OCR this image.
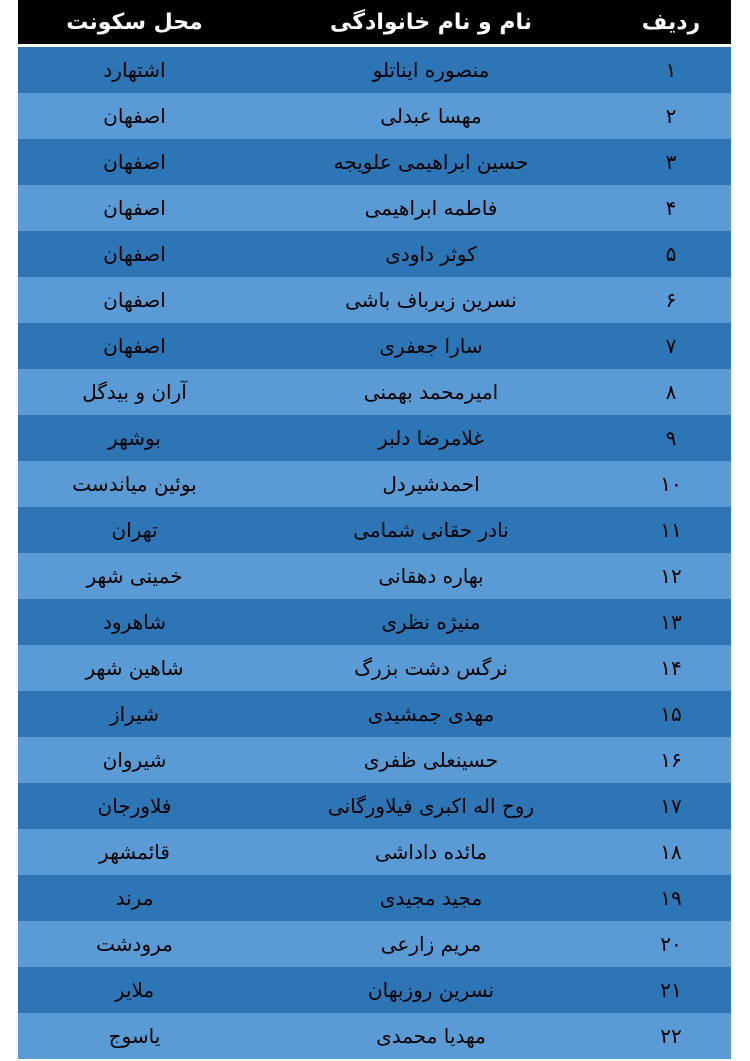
ردیف	نام و نام خانوادگی	محل سکونت
۱	منصوره ایناتلو	اشتهارد
۲	مهسا عبدلی	اصفهان
۳	حسین ابراهیمی علویجه	اصفهان
۴	فاطمه ابراهیمی	اصفهان
۵	کوثر داودی	اصفهان
۶	نسرین زیرباف باشی	اصفهان
۷	سارا جعفری	اصفهان
۸	امیرمحمد بهمنی	آران و بیدگل
۹	غلامرضا دلبر	بوشهر
۱۰	احمدشیردل	بوئین میاندست
۱۱	نادر حقانی شمامی	تهران
۱۲	بهاره دهقانی	خمینی شهر
۱۳	منیژه نظری	شاهرود
۱۴	نرگس دشت بزرگ	شاهین شهر
۱۵	مهدی جمشیدی	شیراز
۱۶	حسینعلی ظفری	شیروان
۱۷	روح اله اکبری فیلاورگانی	فلاورجان
۱۸	مائده داداشی	قائمشهر
۱۹	مجید مجیدی	مرند
۲۰	مریم زارعی	مرودشت
۲۱	نسرین روزبهان	ملایر
۲۲	مهدیا محمدی	یاسوج
